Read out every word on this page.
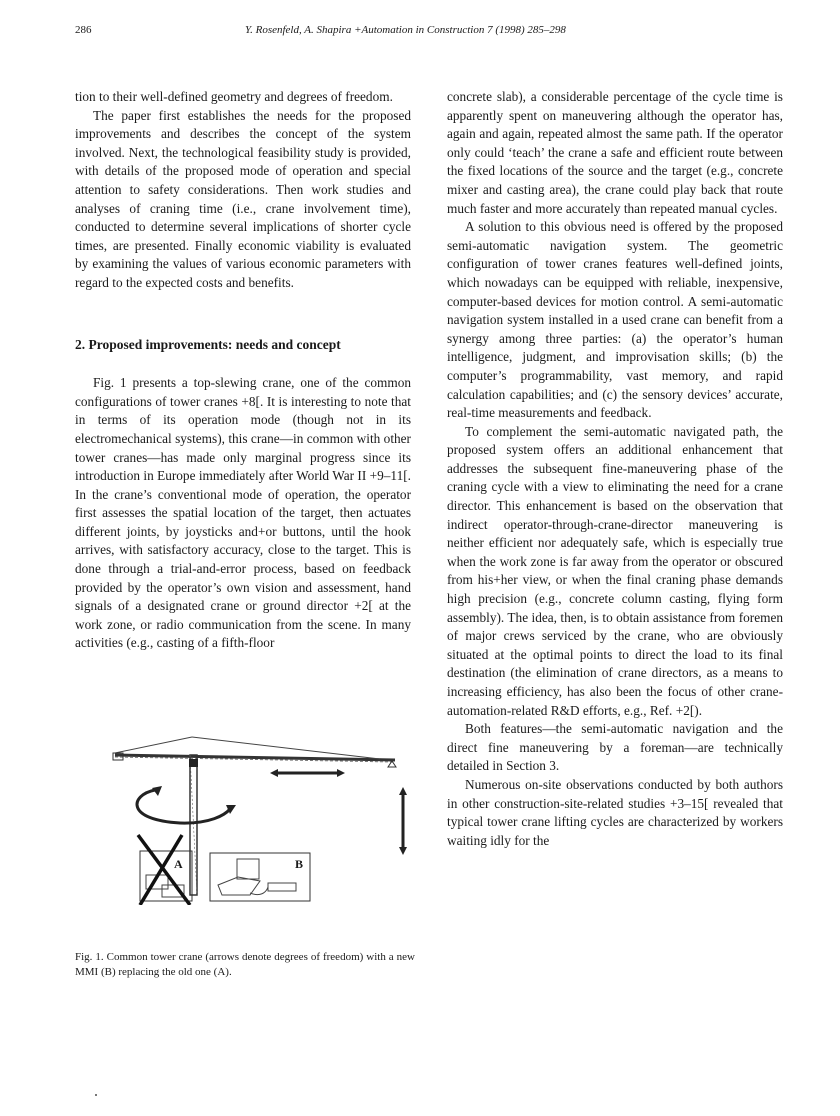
286	Y. Rosenfeld, A. Shapira +Automation in Construction 7 (1998) 285–298

tion to their well-defined geometry and degrees of freedom.

The paper first establishes the needs for the proposed improvements and describes the concept of the system involved. Next, the technological feasibility study is provided, with details of the proposed mode of operation and special attention to safety considerations. Then work studies and analyses of craning time (i.e., crane involvement time), conducted to determine several implications of shorter cycle times, are presented. Finally economic viability is evaluated by examining the values of various economic parameters with regard to the expected costs and benefits.

2. Proposed improvements: needs and concept

Fig. 1 presents a top-slewing crane, one of the common configurations of tower cranes +8[. It is interesting to note that in terms of its operation mode (though not in its electromechanical systems), this crane—in common with other tower cranes—has made only marginal progress since its introduction in Europe immediately after World War II +9–11[. In the crane’s conventional mode of operation, the operator first assesses the spatial location of the target, then actuates different joints, by joysticks and+or buttons, until the hook arrives, with satisfactory accuracy, close to the target. This is done through a trial-and-error process, based on feedback provided by the operator’s own vision and assessment, hand signals of a designated crane or ground director +2[ at the work zone, or radio communication from the scene. In many activities (e.g., casting of a fifth-floor

A	B
Fig. 1. Common tower crane (arrows denote degrees of freedom) with a new MMI (B) replacing the old one (A).

concrete slab), a considerable percentage of the cycle time is apparently spent on maneuvering although the operator has, again and again, repeated almost the same path. If the operator only could ‘teach’ the crane a safe and efficient route between the fixed locations of the source and the target (e.g., concrete mixer and casting area), the crane could play back that route much faster and more accurately than repeated manual cycles.

A solution to this obvious need is offered by the proposed semi-automatic navigation system. The geometric configuration of tower cranes features well-defined joints, which nowadays can be equipped with reliable, inexpensive, computer-based devices for motion control. A semi-automatic navigation system installed in a used crane can benefit from a synergy among three parties: (a) the operator’s human intelligence, judgment, and improvisation skills; (b) the computer’s programmability, vast memory, and rapid calculation capabilities; and (c) the sensory devices’ accurate, real-time measurements and feedback.

To complement the semi-automatic navigated path, the proposed system offers an additional enhancement that addresses the subsequent fine-maneuvering phase of the craning cycle with a view to eliminating the need for a crane director. This enhancement is based on the observation that indirect operator-through-crane-director maneuvering is neither efficient nor adequately safe, which is especially true when the work zone is far away from the operator or obscured from his+her view, or when the final craning phase demands high precision (e.g., concrete column casting, flying form assembly). The idea, then, is to obtain assistance from foremen of major crews serviced by the crane, who are obviously situated at the optimal points to direct the load to its final destination (the elimination of crane directors, as a means to increasing efficiency, has also been the focus of other crane-automation-related R&D efforts, e.g., Ref. +2[).

Both features—the semi-automatic navigation and the direct fine maneuvering by a foreman—are technically detailed in Section 3.

Numerous on-site observations conducted by both authors in other construction-site-related studies +3–15[ revealed that typical tower crane lifting cycles are characterized by workers waiting idly for the
